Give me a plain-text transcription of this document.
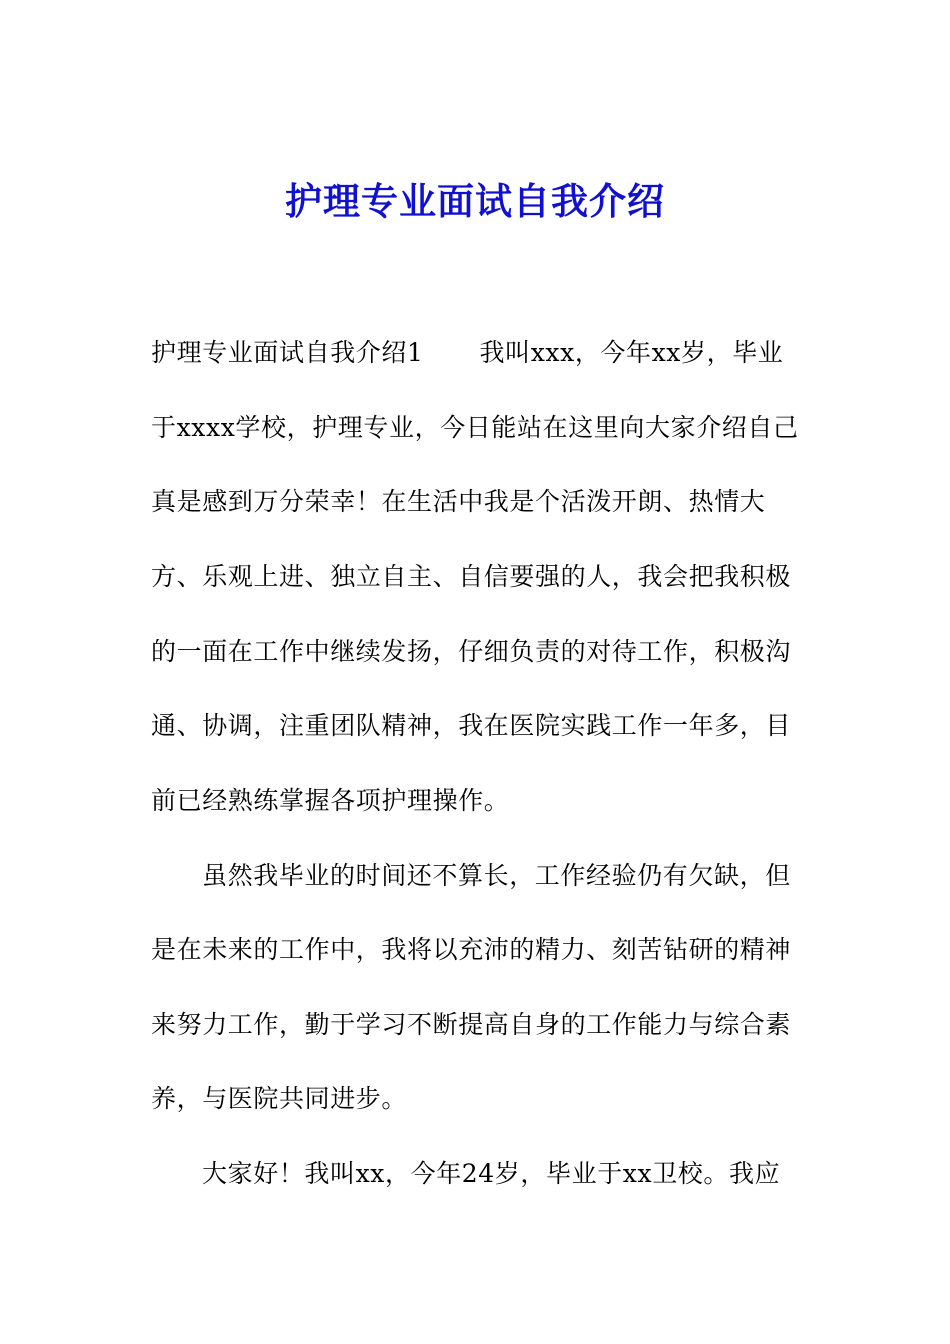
护理专业面试自我介绍
护理专业面试自我介绍1 我叫xxx，今年xx岁，毕业
于xxxx学校，护理专业，今日能站在这里向大家介绍自己
真是感到万分荣幸！在生活中我是个活泼开朗、热情大
方、乐观上进、独立自主、自信要强的人，我会把我积极
的一面在工作中继续发扬，仔细负责的对待工作，积极沟
通、协调，注重团队精神，我在医院实践工作一年多，目
前已经熟练掌握各项护理操作。
虽然我毕业的时间还不算长，工作经验仍有欠缺，但
是在未来的工作中，我将以充沛的精力、刻苦钻研的精神
来努力工作，勤于学习不断提高自身的工作能力与综合素
养，与医院共同进步。
大家好！我叫xx，今年24岁，毕业于xx卫校。我应
